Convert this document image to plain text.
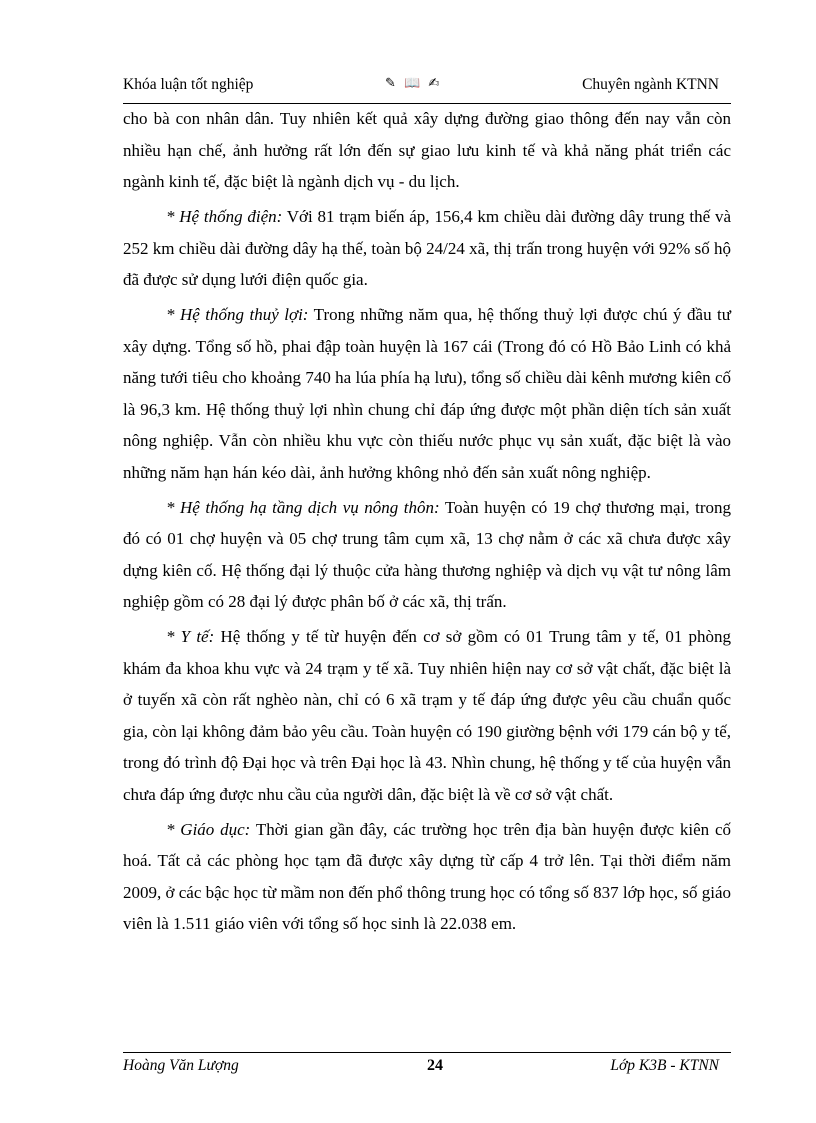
Khóa luận tốt nghiệp	✎ 📖 ✍	Chuyên ngành KTNN

cho bà con nhân dân. Tuy nhiên kết quả xây dựng đường giao thông đến nay vẫn còn nhiều hạn chế, ảnh hưởng rất lớn đến sự giao lưu kinh tế và khả năng phát triển các ngành kinh tế, đặc biệt là ngành dịch vụ - du lịch.

* Hệ thống điện: Với 81 trạm biến áp, 156,4 km chiều dài đường dây trung thế và 252 km chiều dài đường dây hạ thế, toàn bộ 24/24 xã, thị trấn trong huyện với 92% số hộ đã được sử dụng lưới điện quốc gia.

* Hệ thống thuỷ lợi: Trong những năm qua, hệ thống thuỷ lợi được chú ý đầu tư xây dựng. Tổng số hồ, phai đập toàn huyện là 167 cái (Trong đó có Hồ Bảo Linh có khả năng tưới tiêu cho khoảng 740 ha lúa phía hạ lưu), tổng số chiều dài kênh mương kiên cố là 96,3 km. Hệ thống thuỷ lợi nhìn chung chỉ đáp ứng được một phần diện tích sản xuất nông nghiệp. Vẫn còn nhiều khu vực còn thiếu nước phục vụ sản xuất, đặc biệt là vào những năm hạn hán kéo dài, ảnh hưởng không nhỏ đến sản xuất nông nghiệp.

* Hệ thống hạ tầng dịch vụ nông thôn: Toàn huyện có 19 chợ thương mại, trong đó có 01 chợ huyện và 05 chợ trung tâm cụm xã, 13 chợ nằm ở các xã chưa được xây dựng kiên cố. Hệ thống đại lý thuộc cửa hàng thương nghiệp và dịch vụ vật tư nông lâm nghiệp gồm có 28 đại lý được phân bố ở các xã, thị trấn.

* Y tế: Hệ thống y tế từ huyện đến cơ sở gồm có 01 Trung tâm y tế, 01 phòng khám đa khoa khu vực và 24 trạm y tế xã. Tuy nhiên hiện nay cơ sở vật chất, đặc biệt là ở tuyến xã còn rất nghèo nàn, chỉ có 6 xã trạm y tế đáp ứng được yêu cầu chuẩn quốc gia, còn lại không đảm bảo yêu cầu. Toàn huyện có 190 giường bệnh với 179 cán bộ y tế, trong đó trình độ Đại học và trên Đại học là 43. Nhìn chung, hệ thống y tế của huyện vẫn chưa đáp ứng được nhu cầu của người dân, đặc biệt là về cơ sở vật chất.

* Giáo dục: Thời gian gần đây, các trường học trên địa bàn huyện được kiên cố hoá. Tất cả các phòng học tạm đã được xây dựng từ cấp 4 trở lên. Tại thời điểm năm 2009, ở các bậc học từ mầm non đến phổ thông trung học có tổng số 837 lớp học, số giáo viên là 1.511 giáo viên với tổng số học sinh là 22.038 em.

Hoàng Văn Lượng	24	Lớp K3B - KTNN
